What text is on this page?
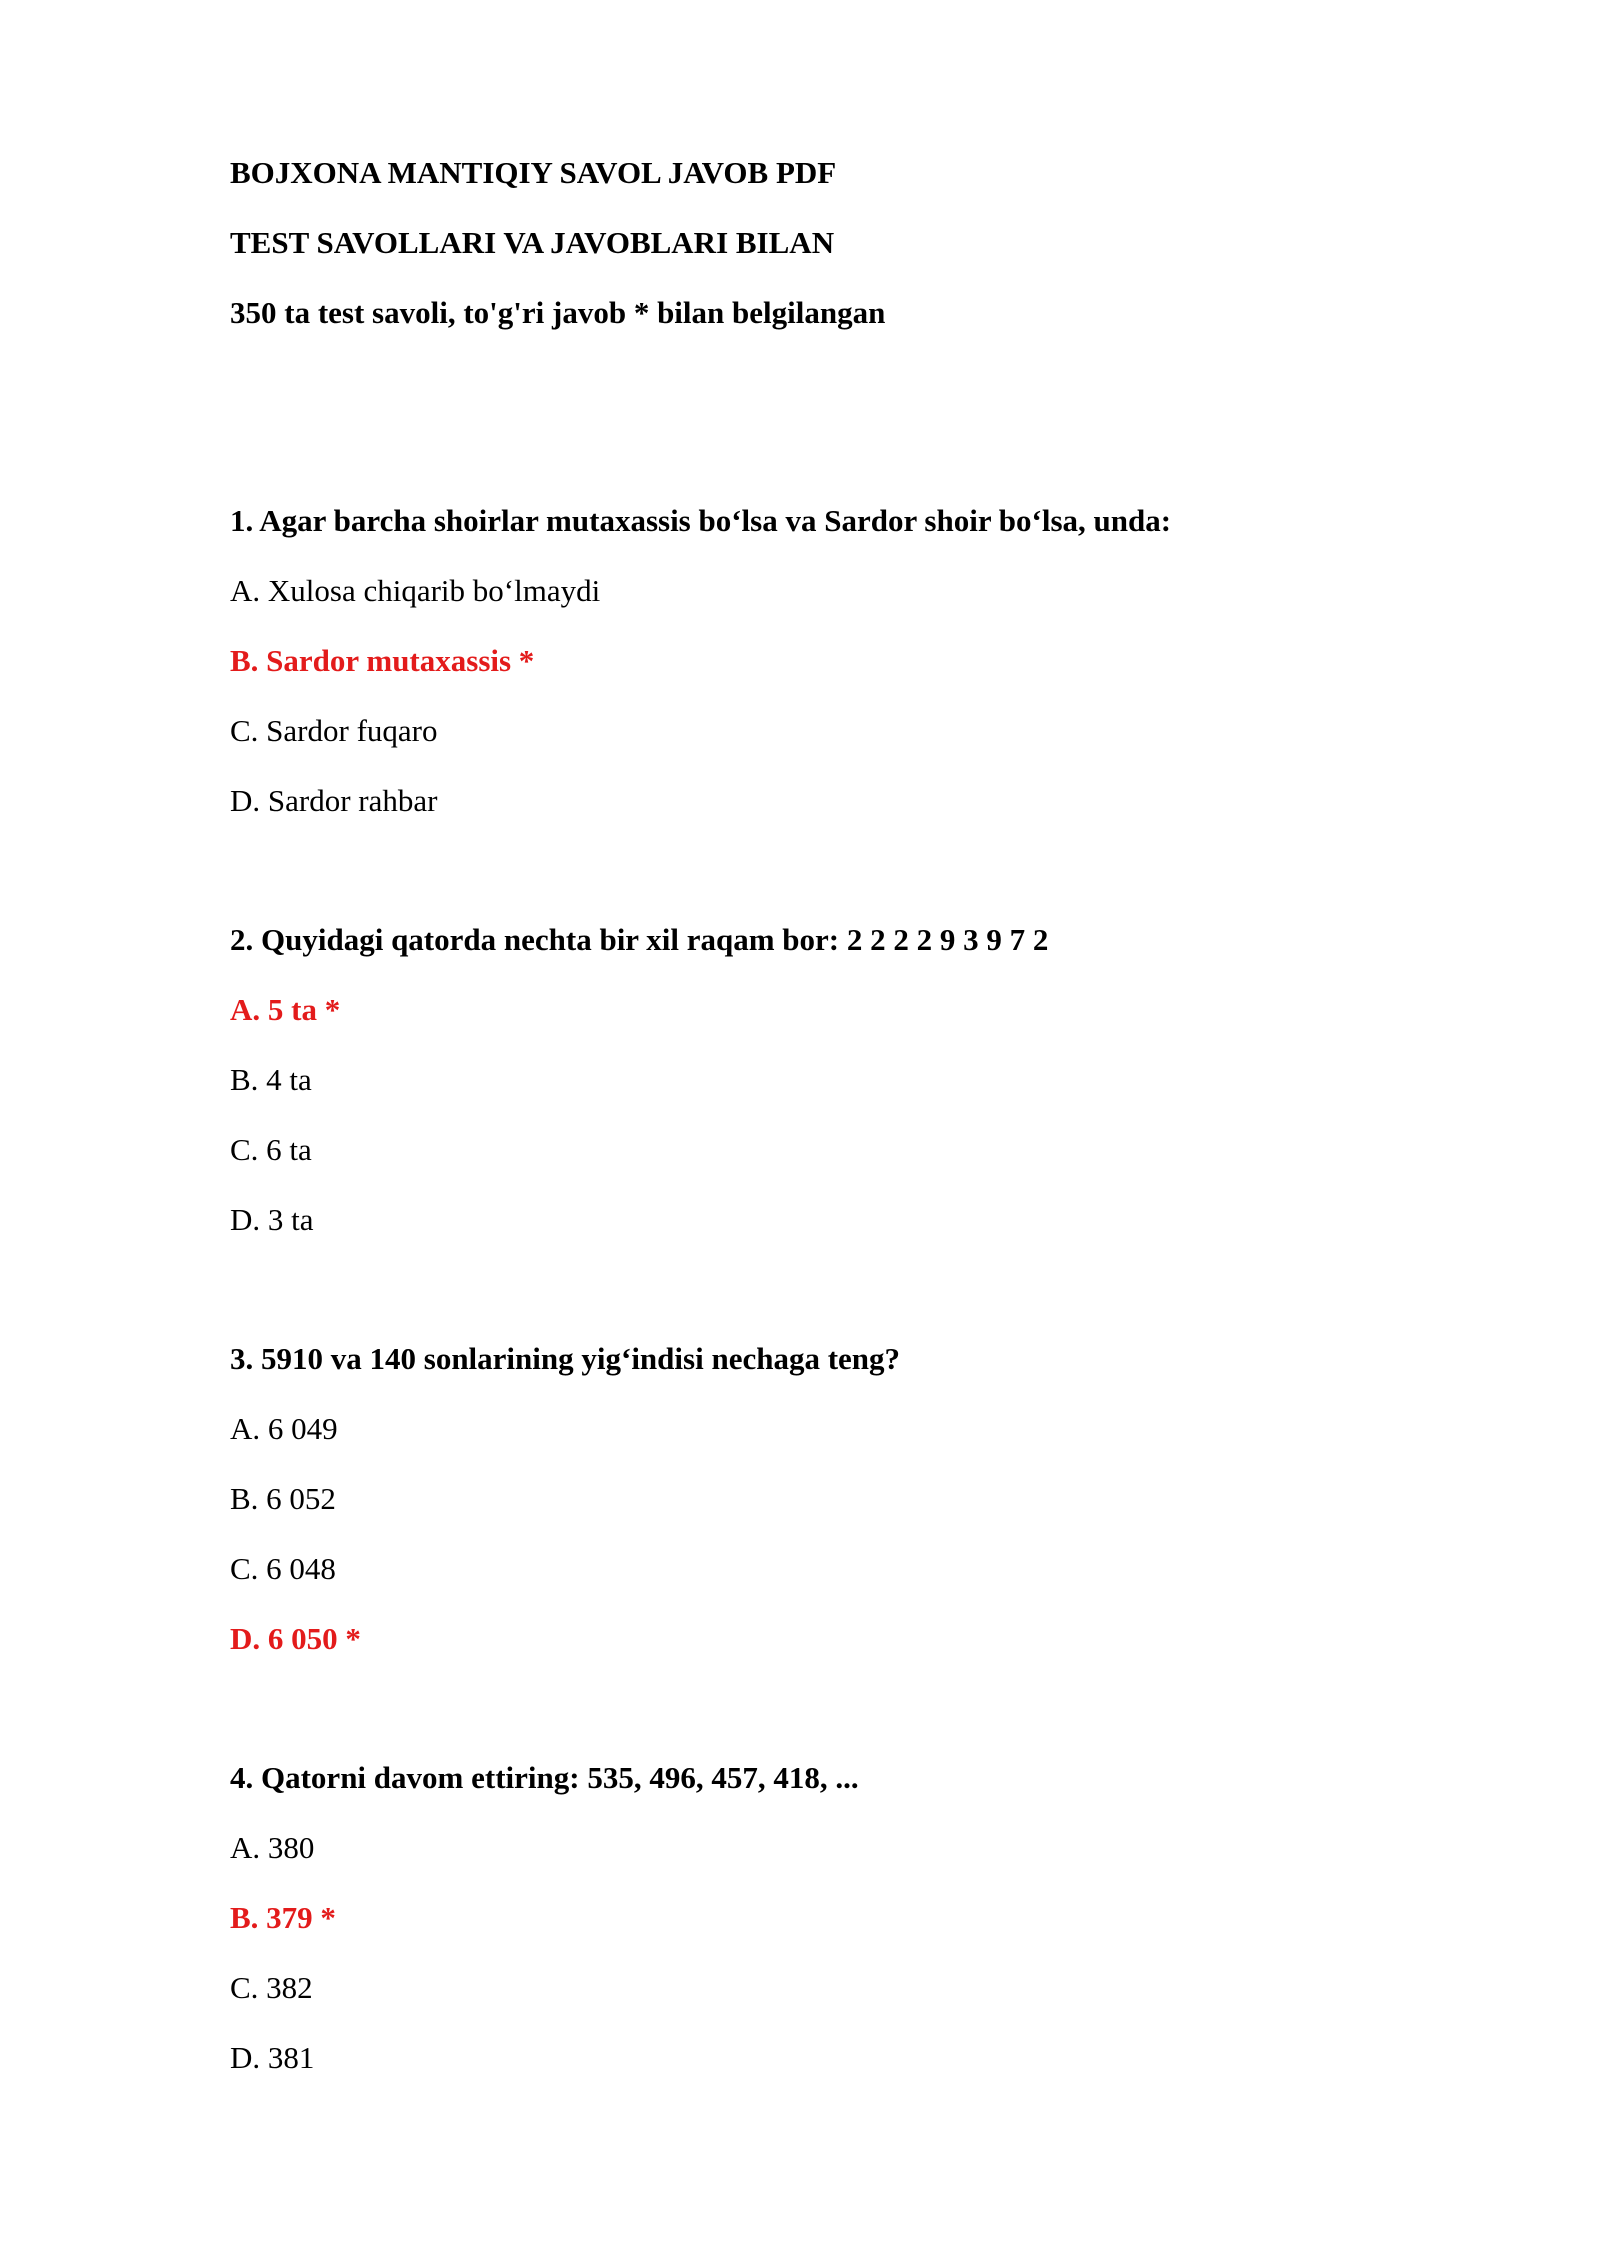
BOJXONA MANTIQIY SAVOL JAVOB PDF
TEST SAVOLLARI VA JAVOBLARI BILAN
350 ta test savoli, to'g'ri javob * bilan belgilangan
1. Agar barcha shoirlar mutaxassis bo‘lsa va Sardor shoir bo‘lsa, unda:
A. Xulosa chiqarib bo‘lmaydi
B. Sardor mutaxassis *
C. Sardor fuqaro
D. Sardor rahbar
2. Quyidagi qatorda nechta bir xil raqam bor: 2 2 2 2 9 3 9 7 2
A. 5 ta *
B. 4 ta
C. 6 ta
D. 3 ta
3. 5910 va 140 sonlarining yig‘indisi nechaga teng?
A. 6 049
B. 6 052
C. 6 048
D. 6 050 *
4. Qatorni davom ettiring: 535, 496, 457, 418, ...
A. 380
B. 379 *
C. 382
D. 381
